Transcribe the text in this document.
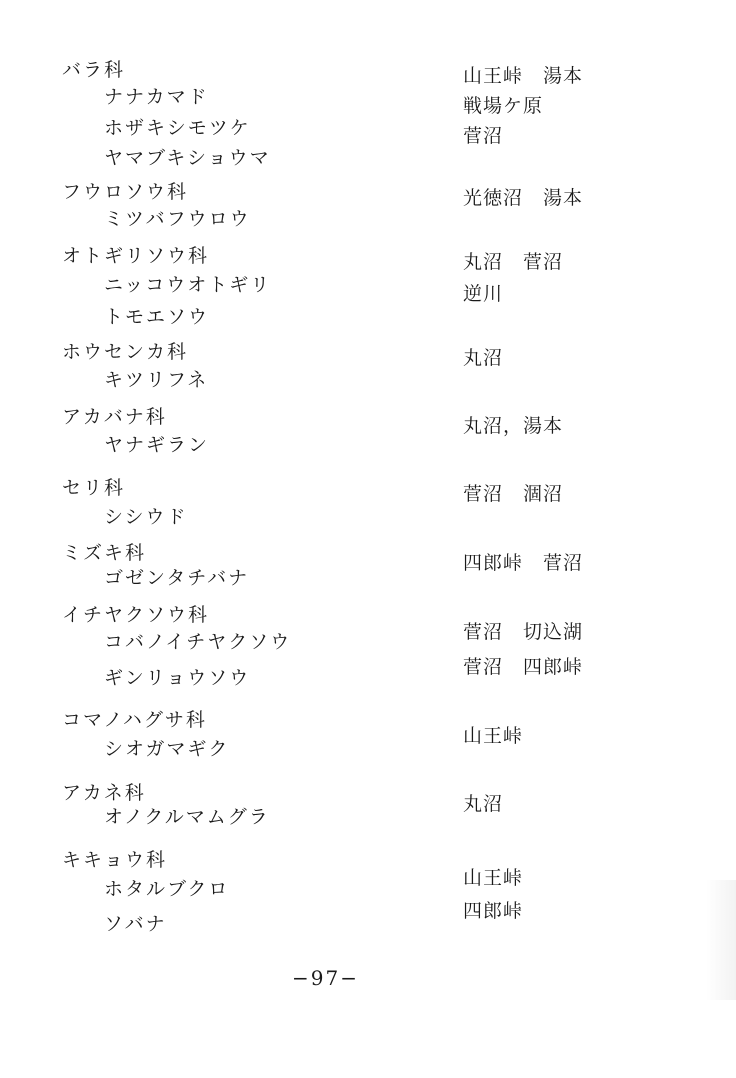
バラ科
ナナカマド
ホザキシモツケ
ヤマブキショウマ
山王峠　湯本
戦場ケ原
菅沼
フウロソウ科
ミツバフウロウ
光徳沼　湯本
オトギリソウ科
ニッコウオトギリ
トモエソウ
丸沼　菅沼
逆川
ホウセンカ科
キツリフネ
丸沼
アカバナ科
ヤナギラン
丸沼，湯本
セリ科
シシウド
菅沼　涸沼
ミズキ科
ゴゼンタチバナ
四郎峠　菅沼
イチヤクソウ科
コバノイチヤクソウ
ギンリョウソウ
菅沼　切込湖
菅沼　四郎峠
コマノハグサ科
シオガマギク
山王峠
アカネ科
オノクルマムグラ
丸沼
キキョウ科
ホタルブクロ
ソバナ
山王峠
四郎峠
−97−
